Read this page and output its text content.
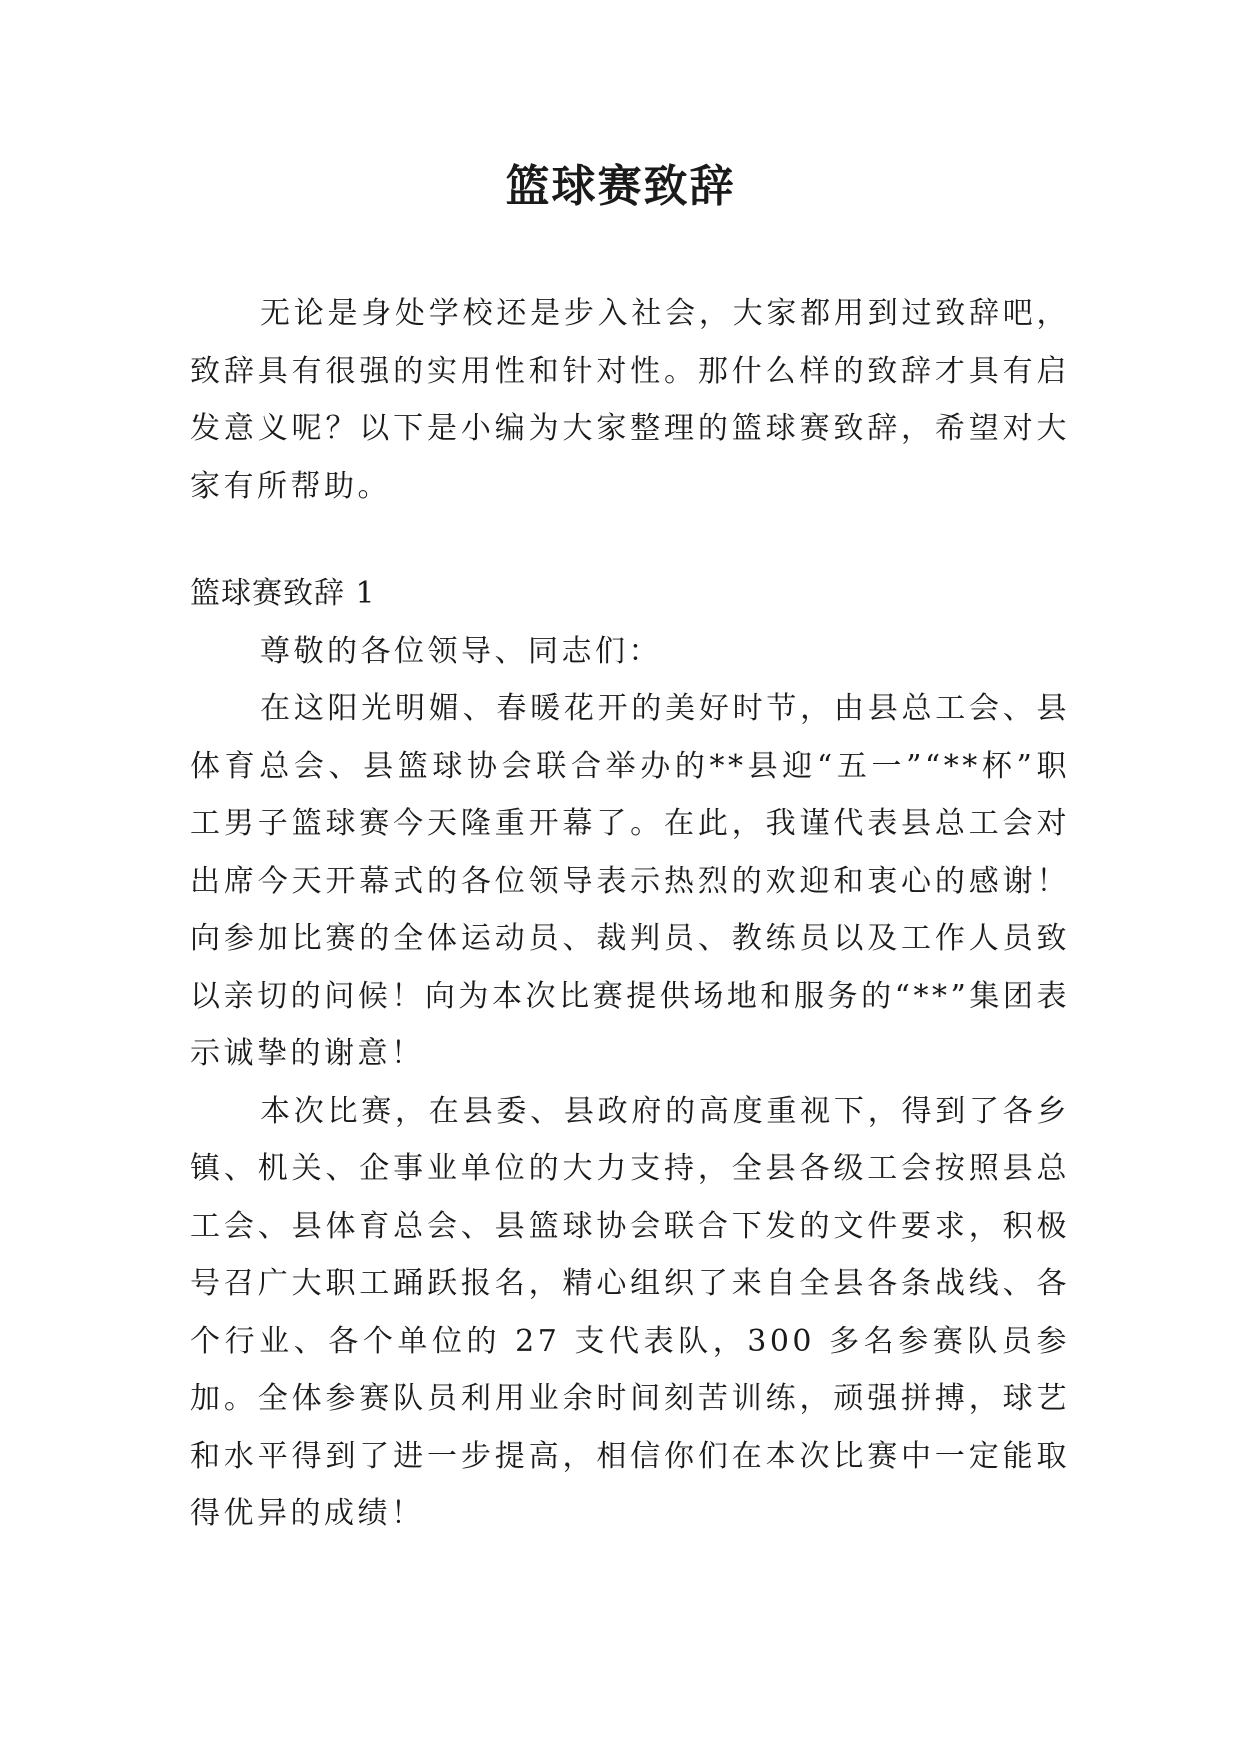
篮球赛致辞

无论是身处学校还是步入社会，大家都用到过致辞吧，致辞具有很强的实用性和针对性。那什么样的致辞才具有启发意义呢？以下是小编为大家整理的篮球赛致辞，希望对大家有所帮助。

篮球赛致辞 1

尊敬的各位领导、同志们：

在这阳光明媚、春暖花开的美好时节，由县总工会、县体育总会、县篮球协会联合举办的**县迎“五一”“**杯”职工男子篮球赛今天隆重开幕了。在此，我谨代表县总工会对出席今天开幕式的各位领导表示热烈的欢迎和衷心的感谢！向参加比赛的全体运动员、裁判员、教练员以及工作人员致以亲切的问候！向为本次比赛提供场地和服务的“**”集团表示诚挚的谢意！

本次比赛，在县委、县政府的高度重视下，得到了各乡镇、机关、企事业单位的大力支持，全县各级工会按照县总工会、县体育总会、县篮球协会联合下发的文件要求，积极号召广大职工踊跃报名，精心组织了来自全县各条战线、各个行业、各个单位的 27 支代表队，300 多名参赛队员参加。全体参赛队员利用业余时间刻苦训练，顽强拼搏，球艺和水平得到了进一步提高，相信你们在本次比赛中一定能取得优异的成绩！
